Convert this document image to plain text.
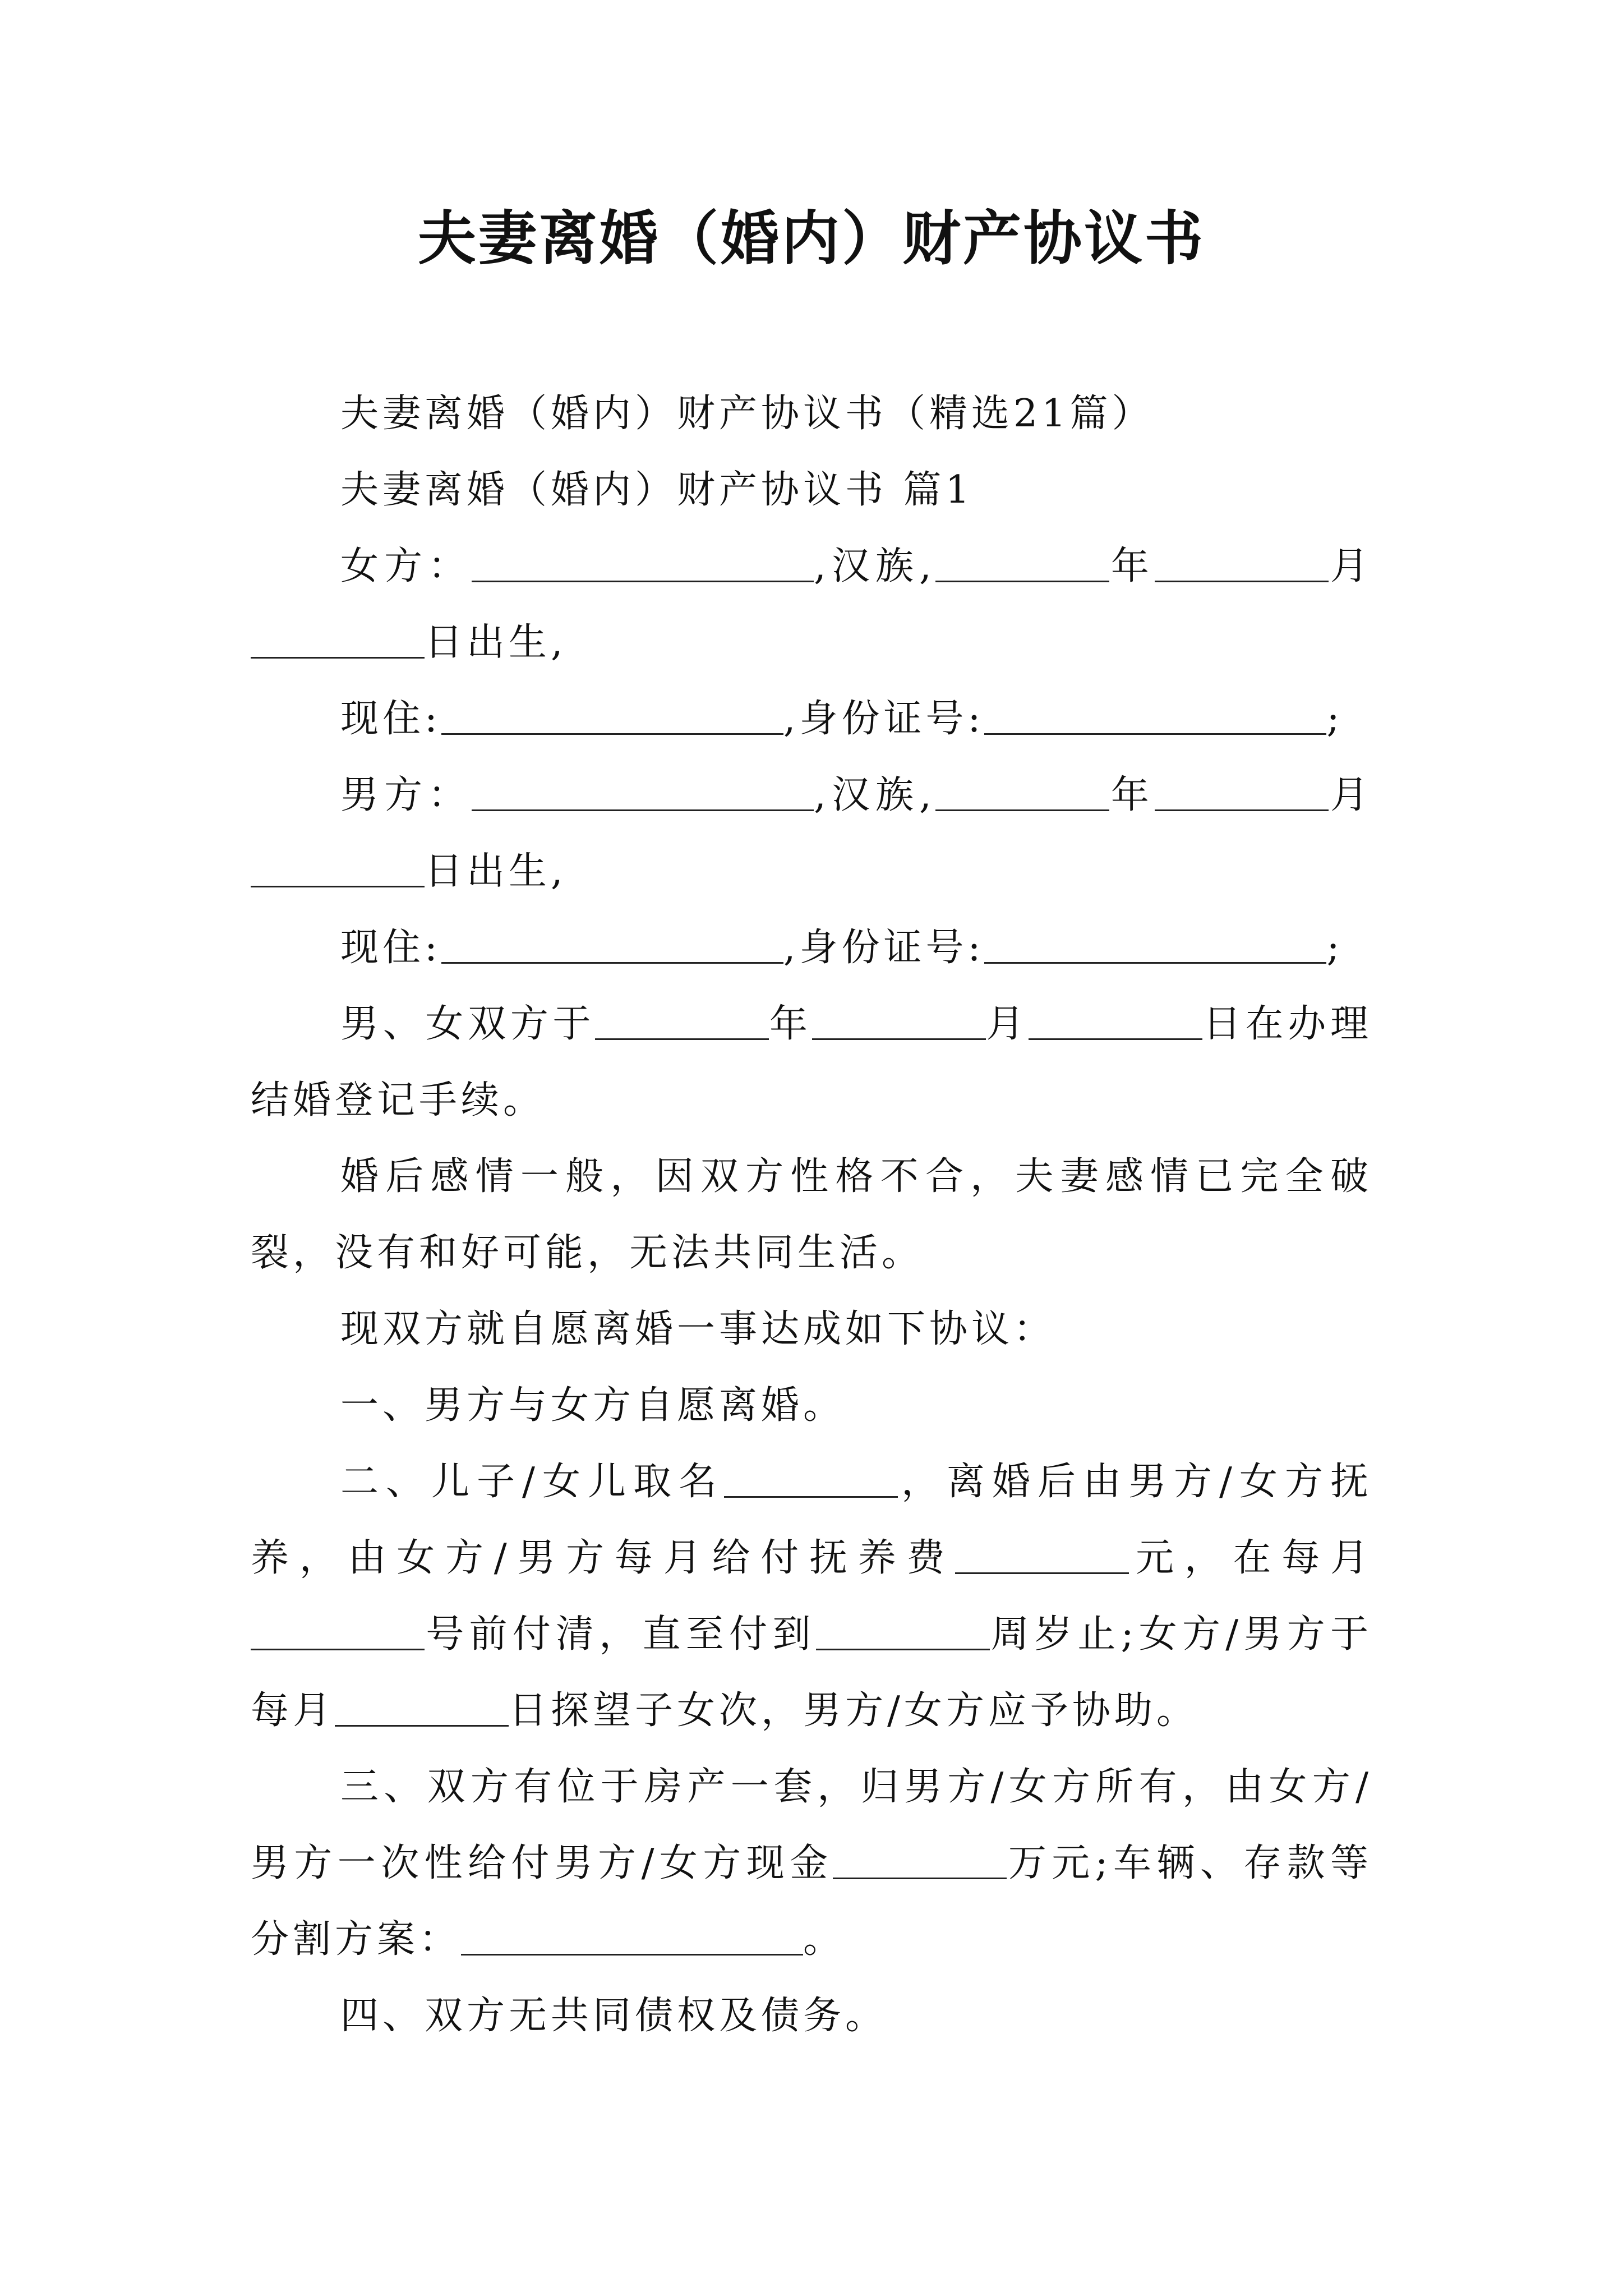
夫妻离婚（婚内）财产协议书

夫妻离婚（婚内）财产协议书（精选21篇）

夫妻离婚（婚内）财产协议书 篇1

女方：	,汉族,	年	月日出生,

现住:	,身份证号:	;

男方：	,汉族,	年	月日出生,

现住:	,身份证号:	;

男、女双方于	年	月	日在办理结婚登记手续。

婚后感情一般，因双方性格不合，夫妻感情已完全破裂，没有和好可能，无法共同生活。

现双方就自愿离婚一事达成如下协议：

一、男方与女方自愿离婚。

二、儿子/女儿取名	，离婚后由男方/女方抚养，由女方/男方每月给付抚养费	元，在每月号前付清，直至付到	周岁止;女方/男方于每月	日探望子女次，男方/女方应予协助。

三、双方有位于房产一套，归男方/女方所有，由女方/男方一次性给付男方/女方现金	万元;车辆、存款等分割方案：	。

四、双方无共同债权及债务。
